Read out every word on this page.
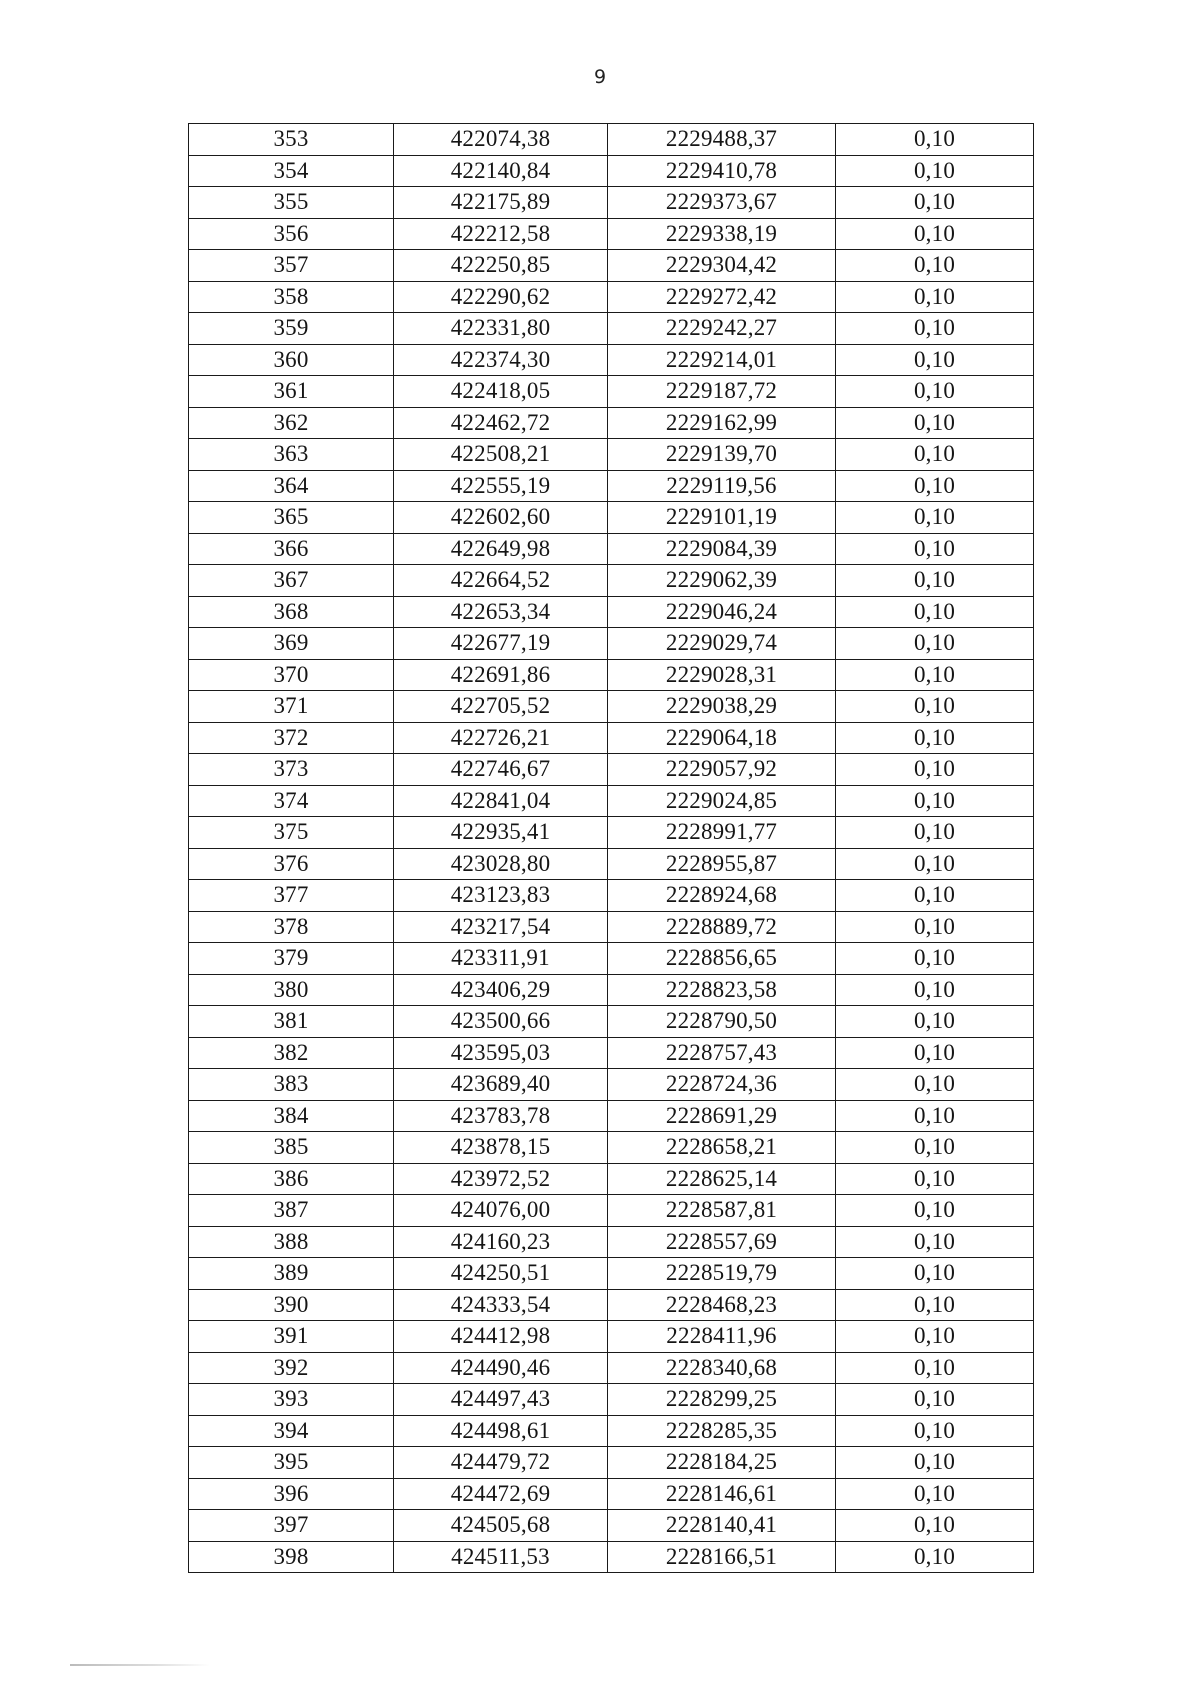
9
353	422074,38	2229488,37	0,10
354	422140,84	2229410,78	0,10
355	422175,89	2229373,67	0,10
356	422212,58	2229338,19	0,10
357	422250,85	2229304,42	0,10
358	422290,62	2229272,42	0,10
359	422331,80	2229242,27	0,10
360	422374,30	2229214,01	0,10
361	422418,05	2229187,72	0,10
362	422462,72	2229162,99	0,10
363	422508,21	2229139,70	0,10
364	422555,19	2229119,56	0,10
365	422602,60	2229101,19	0,10
366	422649,98	2229084,39	0,10
367	422664,52	2229062,39	0,10
368	422653,34	2229046,24	0,10
369	422677,19	2229029,74	0,10
370	422691,86	2229028,31	0,10
371	422705,52	2229038,29	0,10
372	422726,21	2229064,18	0,10
373	422746,67	2229057,92	0,10
374	422841,04	2229024,85	0,10
375	422935,41	2228991,77	0,10
376	423028,80	2228955,87	0,10
377	423123,83	2228924,68	0,10
378	423217,54	2228889,72	0,10
379	423311,91	2228856,65	0,10
380	423406,29	2228823,58	0,10
381	423500,66	2228790,50	0,10
382	423595,03	2228757,43	0,10
383	423689,40	2228724,36	0,10
384	423783,78	2228691,29	0,10
385	423878,15	2228658,21	0,10
386	423972,52	2228625,14	0,10
387	424076,00	2228587,81	0,10
388	424160,23	2228557,69	0,10
389	424250,51	2228519,79	0,10
390	424333,54	2228468,23	0,10
391	424412,98	2228411,96	0,10
392	424490,46	2228340,68	0,10
393	424497,43	2228299,25	0,10
394	424498,61	2228285,35	0,10
395	424479,72	2228184,25	0,10
396	424472,69	2228146,61	0,10
397	424505,68	2228140,41	0,10
398	424511,53	2228166,51	0,10
